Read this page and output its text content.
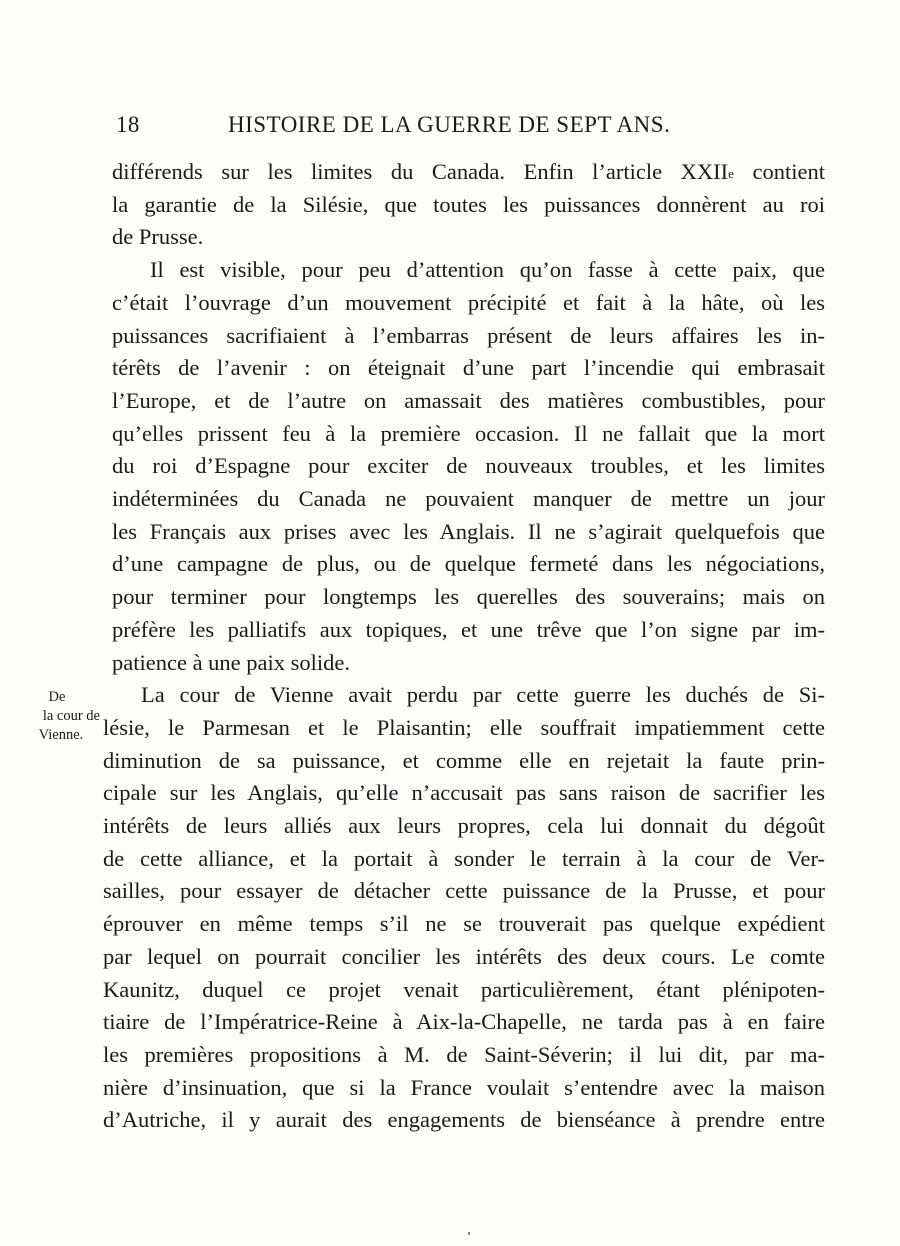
18	HISTOIRE DE LA GUERRE DE SEPT ANS.
De
la cour de
Vienne.

différends sur les limites du Canada. Enfin l’article XXIIe contient
la garantie de la Silésie, que toutes les puissances donnèrent au roi
de Prusse.

Il est visible, pour peu d’attention qu’on fasse à cette paix, que
c’était l’ouvrage d’un mouvement précipité et fait à la hâte, où les
puissances sacrifiaient à l’embarras présent de leurs affaires les in-
térêts de l’avenir : on éteignait d’une part l’incendie qui embrasait
l’Europe, et de l’autre on amassait des matières combustibles, pour
qu’elles prissent feu à la première occasion. Il ne fallait que la mort
du roi d’Espagne pour exciter de nouveaux troubles, et les limites
indéterminées du Canada ne pouvaient manquer de mettre un jour
les Français aux prises avec les Anglais. Il ne s’agirait quelquefois que
d’une campagne de plus, ou de quelque fermeté dans les négociations,
pour terminer pour longtemps les querelles des souverains; mais on
préfère les palliatifs aux topiques, et une trêve que l’on signe par im-
patience à une paix solide.

La cour de Vienne avait perdu par cette guerre les duchés de Si-
lésie, le Parmesan et le Plaisantin; elle souffrait impatiemment cette
diminution de sa puissance, et comme elle en rejetait la faute prin-
cipale sur les Anglais, qu’elle n’accusait pas sans raison de sacrifier les
intérêts de leurs alliés aux leurs propres, cela lui donnait du dégoût
de cette alliance, et la portait à sonder le terrain à la cour de Ver-
sailles, pour essayer de détacher cette puissance de la Prusse, et pour
éprouver en même temps s’il ne se trouverait pas quelque expédient
par lequel on pourrait concilier les intérêts des deux cours. Le comte
Kaunitz, duquel ce projet venait particulièrement, étant plénipoten-
tiaire de l’Impératrice-Reine à Aix-la-Chapelle, ne tarda pas à en faire
les premières propositions à M. de Saint-Séverin; il lui dit, par ma-
nière d’insinuation, que si la France voulait s’entendre avec la maison
d’Autriche, il y aurait des engagements de bienséance à prendre entre
